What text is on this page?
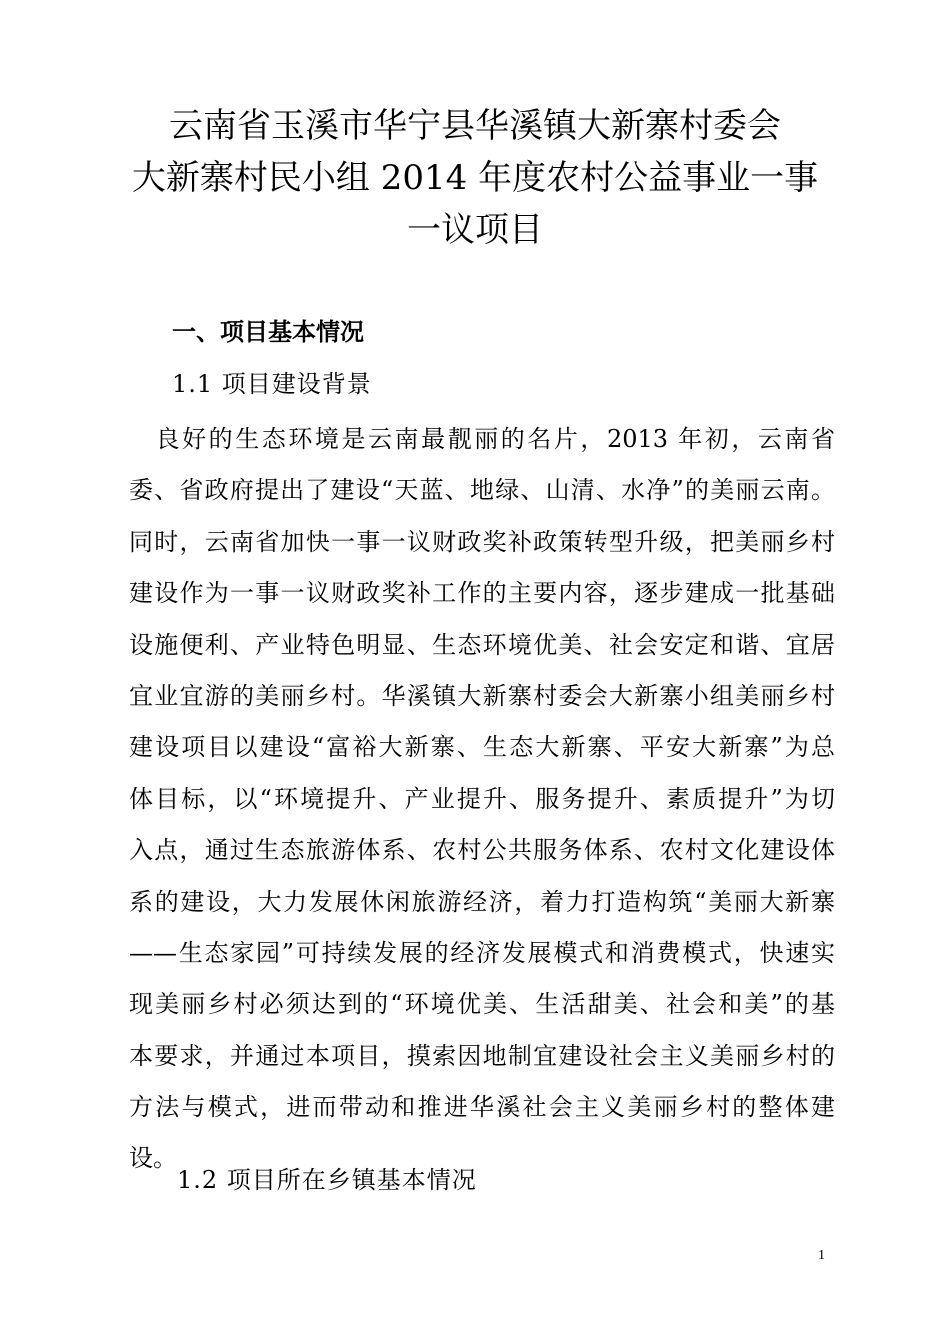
云南省玉溪市华宁县华溪镇大新寨村委会
大新寨村民小组 2014 年度农村公益事业一事
一议项目
一、项目基本情况
1.1 项目建设背景
　良好的生态环境是云南最靓丽的名片，2013 年初，云南省
委、省政府提出了建设“天蓝、地绿、山清、水净”的美丽云南。
同时，云南省加快一事一议财政奖补政策转型升级，把美丽乡村
建设作为一事一议财政奖补工作的主要内容，逐步建成一批基础
设施便利、产业特色明显、生态环境优美、社会安定和谐、宜居
宜业宜游的美丽乡村。华溪镇大新寨村委会大新寨小组美丽乡村
建设项目以建设“富裕大新寨、生态大新寨、平安大新寨”为总
体目标，以“环境提升、产业提升、服务提升、素质提升”为切
入点，通过生态旅游体系、农村公共服务体系、农村文化建设体
系的建设，大力发展休闲旅游经济，着力打造构筑“美丽大新寨
——生态家园”可持续发展的经济发展模式和消费模式，快速实
现美丽乡村必须达到的“环境优美、生活甜美、社会和美”的基
本要求，并通过本项目，摸索因地制宜建设社会主义美丽乡村的
方法与模式，进而带动和推进华溪社会主义美丽乡村的整体建
设。
1.2 项目所在乡镇基本情况
1
